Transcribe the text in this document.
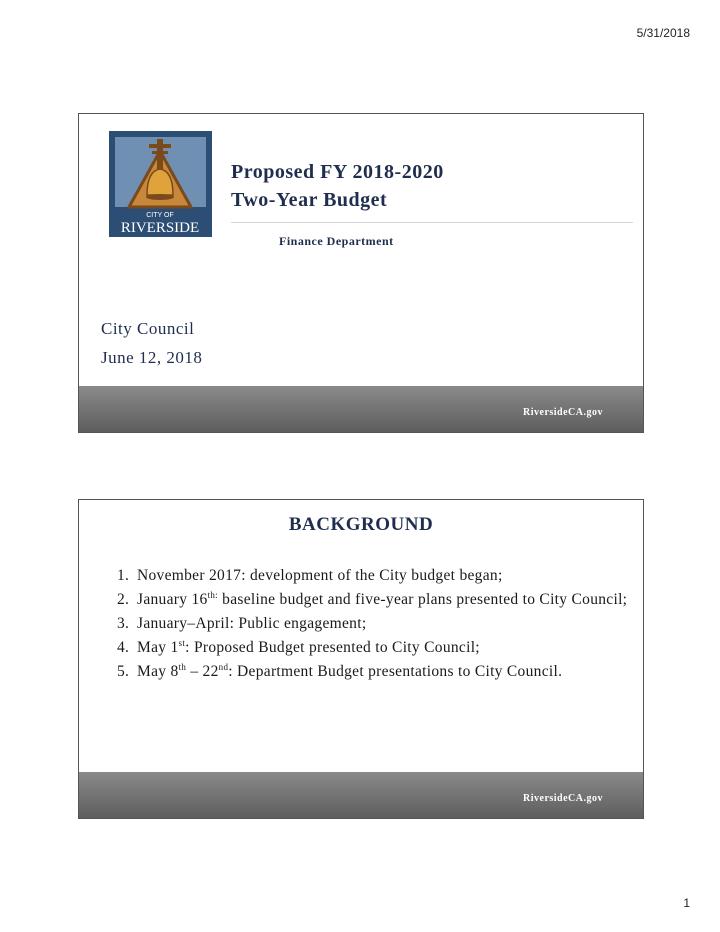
5/31/2018
CITY OF
RIVERSIDE
Proposed FY 2018-2020
Two-Year Budget
Finance Department
City Council
June 12, 2018
RiversideCA.gov
BACKGROUND
1. November 2017: development of the City budget began;
2. January $16^{th:}$ baseline budget and five-year plans presented to City Council;
3. January–April: Public engagement;
4. May 1st: Proposed Budget presented to City Council;
5. May 8th – 22nd: Department Budget presentations to City Council.
RiversideCA.gov
1
